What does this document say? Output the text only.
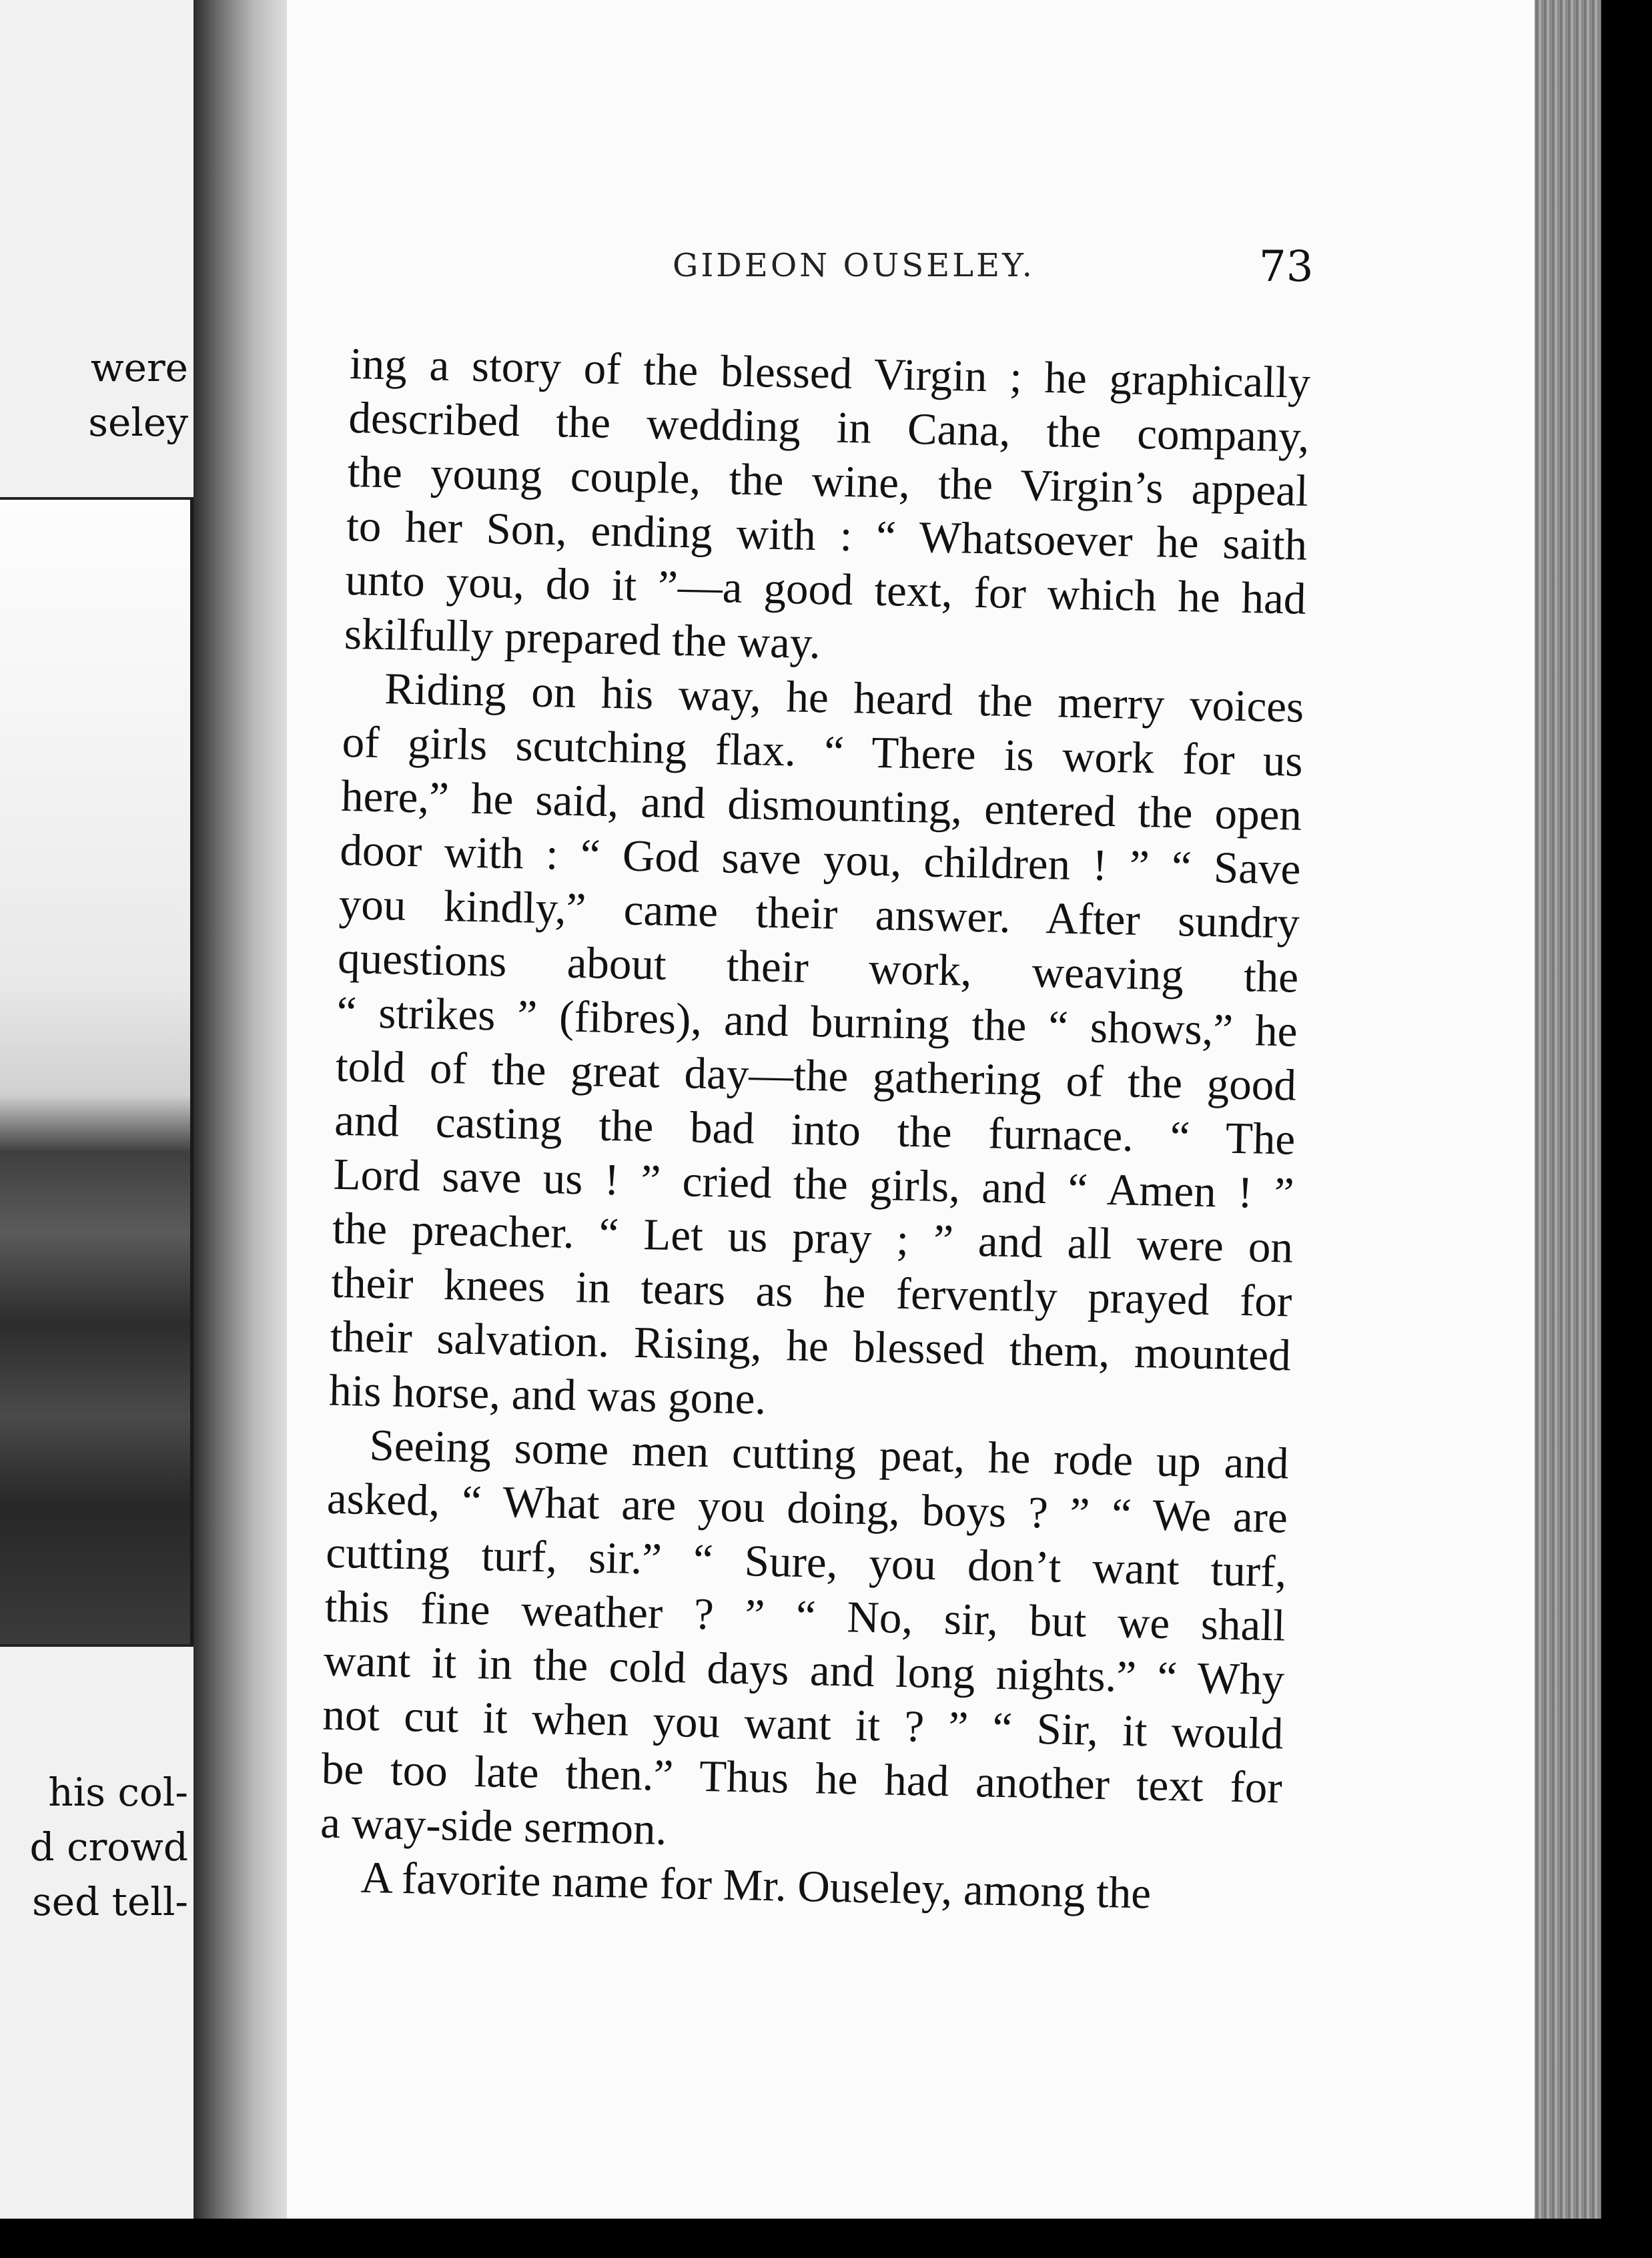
were
seley
his col-
d crowd
sed tell-
GIDEON OUSELEY.	73
ing a story of the blessed Virgin ; he graphically
described the wedding in Cana, the company,
the young couple, the wine, the Virgin’s appeal
to her Son, ending with : “ Whatsoever he saith
unto you, do it ”—a good text, for which he had
skilfully prepared the way.
Riding on his way, he heard the merry voices
of girls scutching flax. “ There is work for us
here,” he said, and dismounting, entered the open
door with : “ God save you, children ! ” “ Save
you kindly,” came their answer. After sundry
questions about their work, weaving the
“ strikes ” (fibres), and burning the “ shows,” he
told of the great day—the gathering of the good
and casting the bad into the furnace. “ The
Lord save us ! ” cried the girls, and “ Amen ! ”
the preacher. “ Let us pray ; ” and all were on
their knees in tears as he fervently prayed for
their salvation. Rising, he blessed them, mounted
his horse, and was gone.
Seeing some men cutting peat, he rode up and
asked, “ What are you doing, boys ? ” “ We are
cutting turf, sir.” “ Sure, you don’t want turf,
this fine weather ? ” “ No, sir, but we shall
want it in the cold days and long nights.” “ Why
not cut it when you want it ? ” “ Sir, it would
be too late then.” Thus he had another text for
a way-side sermon.
A favorite name for Mr. Ouseley, among the
